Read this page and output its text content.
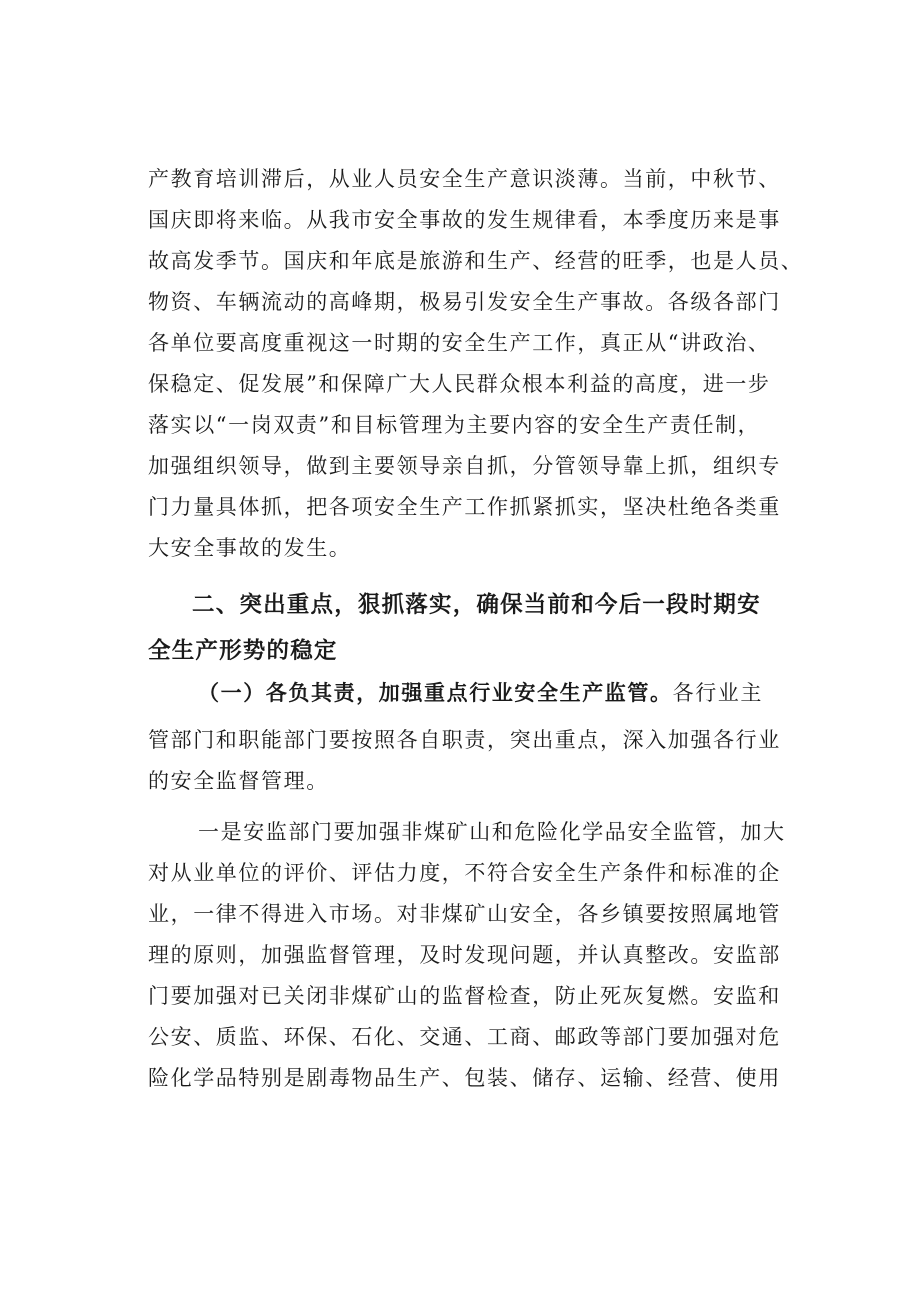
产教育培训滞后，从业人员安全生产意识淡薄。当前，中秋节、
国庆即将来临。从我市安全事故的发生规律看，本季度历来是事
故高发季节。国庆和年底是旅游和生产、经营的旺季，也是人员、
物资、车辆流动的高峰期，极易引发安全生产事故。各级各部门
各单位要高度重视这一时期的安全生产工作，真正从“讲政治、
保稳定、促发展”和保障广大人民群众根本利益的高度，进一步
落实以“一岗双责”和目标管理为主要内容的安全生产责任制，
加强组织领导，做到主要领导亲自抓，分管领导靠上抓，组织专
门力量具体抓，把各项安全生产工作抓紧抓实，坚决杜绝各类重
大安全事故的发生。
二、突出重点，狠抓落实，确保当前和今后一段时期安
全生产形势的稳定
（一）各负其责，加强重点行业安全生产监管。各行业主
管部门和职能部门要按照各自职责，突出重点，深入加强各行业
的安全监督管理。
一是安监部门要加强非煤矿山和危险化学品安全监管，加大
对从业单位的评价、评估力度，不符合安全生产条件和标准的企
业，一律不得进入市场。对非煤矿山安全，各乡镇要按照属地管
理的原则，加强监督管理，及时发现问题，并认真整改。安监部
门要加强对已关闭非煤矿山的监督检查，防止死灰复燃。安监和
公安、质监、环保、石化、交通、工商、邮政等部门要加强对危
险化学品特别是剧毒物品生产、包装、储存、运输、经营、使用
